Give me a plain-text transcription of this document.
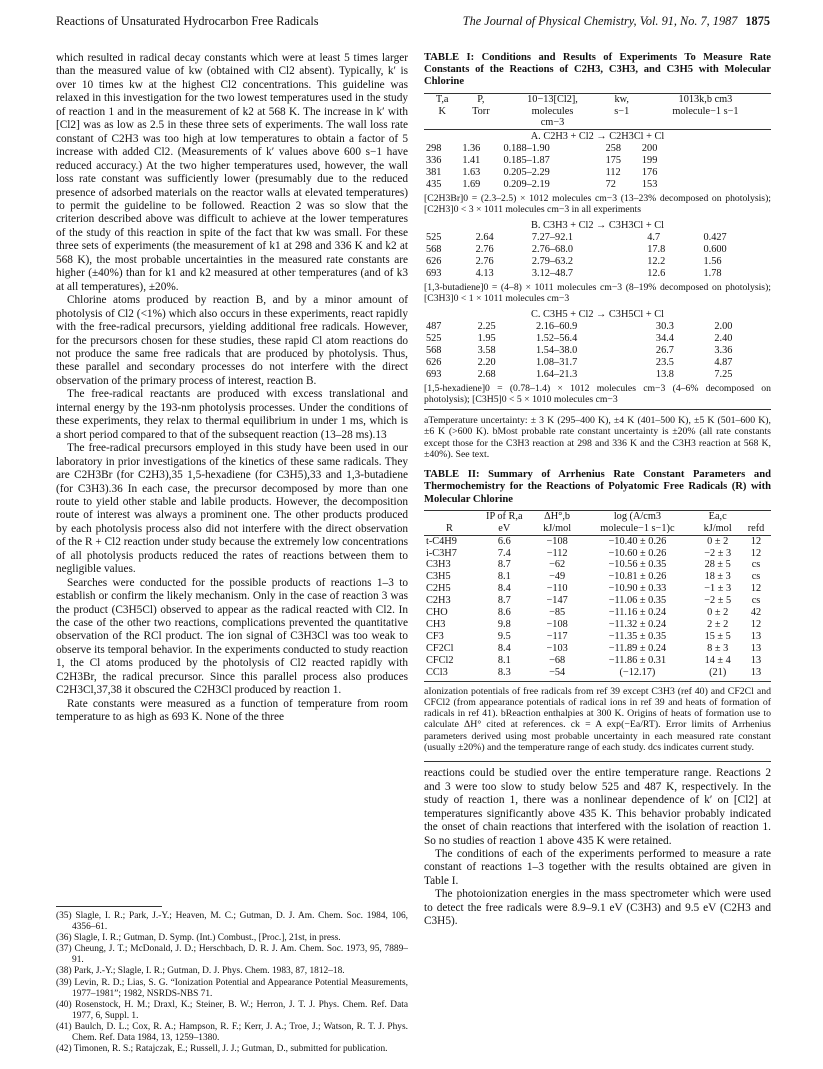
Reactions of Unsaturated Hydrocarbon Free Radicals	The Journal of Physical Chemistry, Vol. 91, No. 7, 1987 1875

which resulted in radical decay constants which were at least 5 times larger than the measured value of kw (obtained with Cl2 absent). Typically, k′ is over 10 times kw at the highest Cl2 concentrations. This guideline was relaxed in this investigation for the two lowest temperatures used in the study of reaction 1 and in the measurement of k2 at 568 K. The increase in k′ with [Cl2] was as low as 2.5 in these three sets of experiments. The wall loss rate constant of C2H3 was too high at low temperatures to obtain a factor of 5 increase with added Cl2. (Measurements of k′ values above 600 s−1 have reduced accuracy.) At the two higher temperatures used, however, the wall loss rate constant was sufficiently lower (presumably due to the reduced presence of adsorbed materials on the reactor walls at elevated temperatures) to permit the guideline to be followed. Reaction 2 was so slow that the criterion described above was difficult to achieve at the lower temperatures of the study of this reaction in spite of the fact that kw was small. For these three sets of experiments (the measurement of k1 at 298 and 336 K and k2 at 568 K), the most probable uncertainties in the measured rate constants are higher (±40%) than for k1 and k2 measured at other temperatures (and of k3 at all temperatures), ±20%.

Chlorine atoms produced by reaction B, and by a minor amount of photolysis of Cl2 (<1%) which also occurs in these experiments, react rapidly with the free-radical precursors, yielding additional free radicals. However, for the precursors chosen for these studies, these rapid Cl atom reactions do not produce the same free radicals that are produced by photolysis. Thus, these parallel and secondary processes do not interfere with the direct observation of the primary process of interest, reaction B.

The free-radical reactants are produced with excess translational and internal energy by the 193-nm photolysis processes. Under the conditions of these experiments, they relax to thermal equilibrium in under 1 ms, which is a short period compared to that of the subsequent reaction (13–28 ms).13

The free-radical precursors employed in this study have been used in our laboratory in prior investigations of the kinetics of these same radicals. They are C2H3Br (for C2H3),35 1,5-hexadiene (for C3H5),33 and 1,3-butadiene (for C3H3).36 In each case, the precursor decomposed by more than one route to yield other stable and labile products. However, the decomposition route of interest was always a prominent one. The other products produced by each photolysis process also did not interfere with the direct observation of the R + Cl2 reaction under study because the extremely low concentrations of all photolysis products reduced the rates of reactions between them to negligible values.

Searches were conducted for the possible products of reactions 1–3 to establish or confirm the likely mechanism. Only in the case of reaction 3 was the product (C3H5Cl) observed to appear as the radical reacted with Cl2. In the case of the other two reactions, complications prevented the quantitative observation of the RCl product. The ion signal of C3H3Cl was too weak to observe its temporal behavior. In the experiments conducted to study reaction 1, the Cl atoms produced by the photolysis of Cl2 reacted rapidly with C2H3Br, the radical precursor. Since this parallel process also produces C2H3Cl,37,38 it obscured the C2H3Cl produced by reaction 1.

Rate constants were measured as a function of temperature from room temperature to as high as 693 K. None of the three

(35) Slagle, I. R.; Park, J.-Y.; Heaven, M. C.; Gutman, D. J. Am. Chem. Soc. 1984, 106, 4356–61.
(36) Slagle, I. R.; Gutman, D. Symp. (Int.) Combust., [Proc.], 21st, in press.
(37) Cheung, J. T.; McDonald, J. D.; Herschbach, D. R. J. Am. Chem. Soc. 1973, 95, 7889–91.
(38) Park, J.-Y.; Slagle, I. R.; Gutman, D. J. Phys. Chem. 1983, 87, 1812–18.
(39) Levin, R. D.; Lias, S. G. “Ionization Potential and Appearance Potential Measurements, 1977–1981”; 1982, NSRDS-NBS 71.
(40) Rosenstock, H. M.; Draxl, K.; Steiner, B. W.; Herron, J. T. J. Phys. Chem. Ref. Data 1977, 6, Suppl. 1.
(41) Baulch, D. L.; Cox, R. A.; Hampson, R. F.; Kerr, J. A.; Troe, J.; Watson, R. T. J. Phys. Chem. Ref. Data 1984, 13, 1259–1380.
(42) Timonen, R. S.; Ratajczak, E.; Russell, J. J.; Gutman, D., submitted for publication.
TABLE I: Conditions and Results of Experiments To Measure Rate Constants of the Reactions of C2H3, C3H3, and C3H5 with Molecular Chlorine
T,a	P,	10−13[Cl2],	kw,	1013k,b cm3
K	Torr	molecules	s−1	molecule−1 s−1
		cm−3		
A. C2H3 + Cl2 → C2H3Cl + Cl				
298	1.36	0.188–1.90	258	200
336	1.41	0.185–1.87	175	199
381	1.63	0.205–2.29	112	176
435	1.69	0.209–2.19	72	153
[C2H3Br]0 = (2.3–2.5) × 1012 molecules cm−3 (13–23% decomposed on photolysis); [C2H3]0 < 3 × 1011 molecules cm−3 in all experiments
B. C3H3 + Cl2 → C3H3Cl + Cl				
525	2.64	7.27–92.1	4.7	0.427
568	2.76	2.76–68.0	17.8	0.600
626	2.76	2.79–63.2	12.2	1.56
693	4.13	3.12–48.7	12.6	1.78
[1,3-butadiene]0 = (4–8) × 1011 molecules cm−3 (8–19% decomposed on photolysis); [C3H3]0 < 1 × 1011 molecules cm−3
C. C3H5 + Cl2 → C3H5Cl + Cl				
487	2.25	2.16–60.9	30.3	2.00
525	1.95	1.52–56.4	34.4	2.40
568	3.58	1.54–38.0	26.7	3.36
626	2.20	1.08–31.7	23.5	4.87
693	2.68	1.64–21.3	13.8	7.25
[1,5-hexadiene]0 = (0.78–1.4) × 1012 molecules cm−3 (4–6% decomposed on photolysis); [C3H5]0 < 5 × 1010 molecules cm−3
aTemperature uncertainty: ± 3 K (295–400 K), ±4 K (401–500 K), ±5 K (501–600 K), ±6 K (>600 K). bMost probable rate constant uncertainty is ±20% (all rate constants except those for the C3H3 reaction at 298 and 336 K and the C3H3 reaction at 568 K, ±40%). See text.
TABLE II: Summary of Arrhenius Rate Constant Parameters and Thermochemistry for the Reactions of Polyatomic Free Radicals (R) with Molecular Chlorine
	IP of R,a	ΔH°,b	log (A/cm3	Ea,c	
R	eV	kJ/mol	molecule−1 s−1)c	kJ/mol	refd
t-C4H9	6.6	−108	−10.40 ± 0.26	0 ± 2	12
i-C3H7	7.4	−112	−10.60 ± 0.26	−2 ± 3	12
C3H3	8.7	−62	−10.56 ± 0.35	28 ± 5	cs
C3H5	8.1	−49	−10.81 ± 0.26	18 ± 3	cs
C2H5	8.4	−110	−10.90 ± 0.33	−1 ± 3	12
C2H3	8.7	−147	−11.06 ± 0.35	−2 ± 5	cs
CHO	8.6	−85	−11.16 ± 0.24	0 ± 2	42
CH3	9.8	−108	−11.32 ± 0.24	2 ± 2	12
CF3	9.5	−117	−11.35 ± 0.35	15 ± 5	13
CF2Cl	8.4	−103	−11.89 ± 0.24	8 ± 3	13
CFCl2	8.1	−68	−11.86 ± 0.31	14 ± 4	13
CCl3	8.3	−54	(−12.17)	(21)	13
aIonization potentials of free radicals from ref 39 except C3H3 (ref 40) and CF2Cl and CFCl2 (from appearance potentials of radical ions in ref 39 and heats of formation of radicals in ref 41). bReaction enthalpies at 300 K. Origins of heats of formation use to calculate ΔH° cited at references. ck = A exp(−Ea/RT). Error limits of Arrhenius parameters derived using most probable uncertainty in each measured rate constant (usually ±20%) and the temperature range of each study. dcs indicates current study.

reactions could be studied over the entire temperature range. Reactions 2 and 3 were too slow to study below 525 and 487 K, respectively. In the study of reaction 1, there was a nonlinear dependence of k′ on [Cl2] at temperatures significantly above 435 K. This behavior probably indicated the onset of chain reactions that interfered with the isolation of reaction 1. So no studies of reaction 1 above 435 K were retained.

The conditions of each of the experiments performed to measure a rate constant of reactions 1–3 together with the results obtained are given in Table I.

The photoionization energies in the mass spectrometer which were used to detect the free radicals were 8.9–9.1 eV (C3H3) and 9.5 eV (C2H3 and C3H5).
